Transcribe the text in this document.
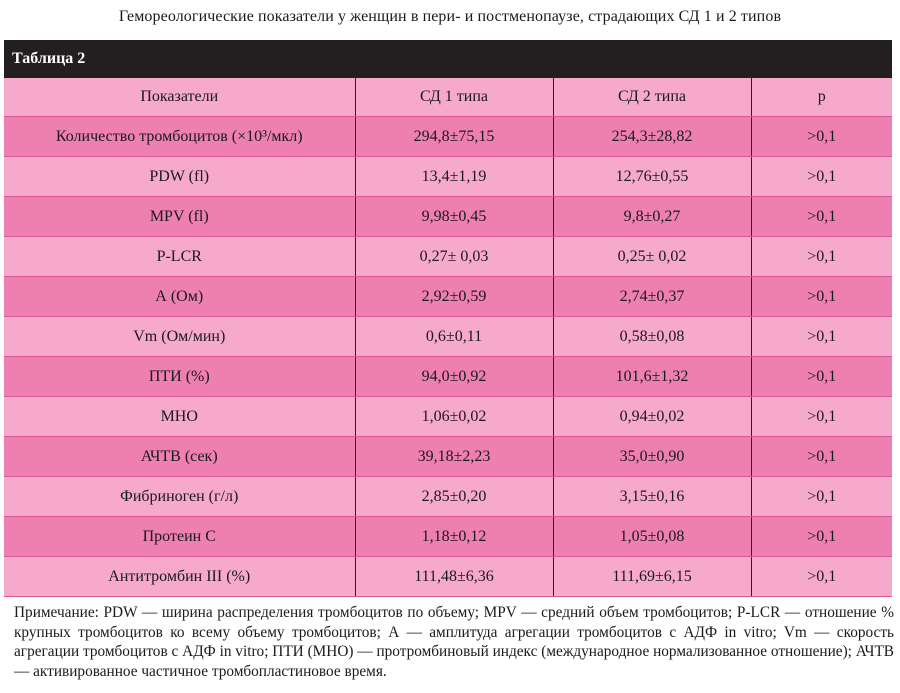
Гемореологические показатели у женщин в пери- и постменопаузе, страдающих СД 1 и 2 типов
Таблица 2
Показатели	СД 1 типа	СД 2 типа	р
Количество тромбоцитов (×10³/мкл)	294,8±75,15	254,3±28,82	>0,1
PDW (fl)	13,4±1,19	12,76±0,55	>0,1
MPV (fl)	9,98±0,45	9,8±0,27	>0,1
P-LCR	0,27± 0,03	0,25± 0,02	>0,1
А (Ом)	2,92±0,59	2,74±0,37	>0,1
Vm (Ом/мин)	0,6±0,11	0,58±0,08	>0,1
ПТИ (%)	94,0±0,92	101,6±1,32	>0,1
МНО	1,06±0,02	0,94±0,02	>0,1
АЧТВ (сек)	39,18±2,23	35,0±0,90	>0,1
Фибриноген (г/л)	2,85±0,20	3,15±0,16	>0,1
Протеин С	1,18±0,12	1,05±0,08	>0,1
Антитромбин III (%)	111,48±6,36	111,69±6,15	>0,1
Примечание: PDW — ширина распределения тромбоцитов по объему; MPV — средний объем тромбоцитов; P-LCR — отношение % крупных тромбоцитов ко всему объему тромбоцитов; А — амплитуда агрегации тромбоцитов с АДФ in vitro; Vm — скорость агрегации тромбоцитов с АДФ in vitro; ПТИ (МНО) — протромбиновый индекс (международное нормализованное отношение); АЧТВ — активированное частичное тромбопластиновое время.
